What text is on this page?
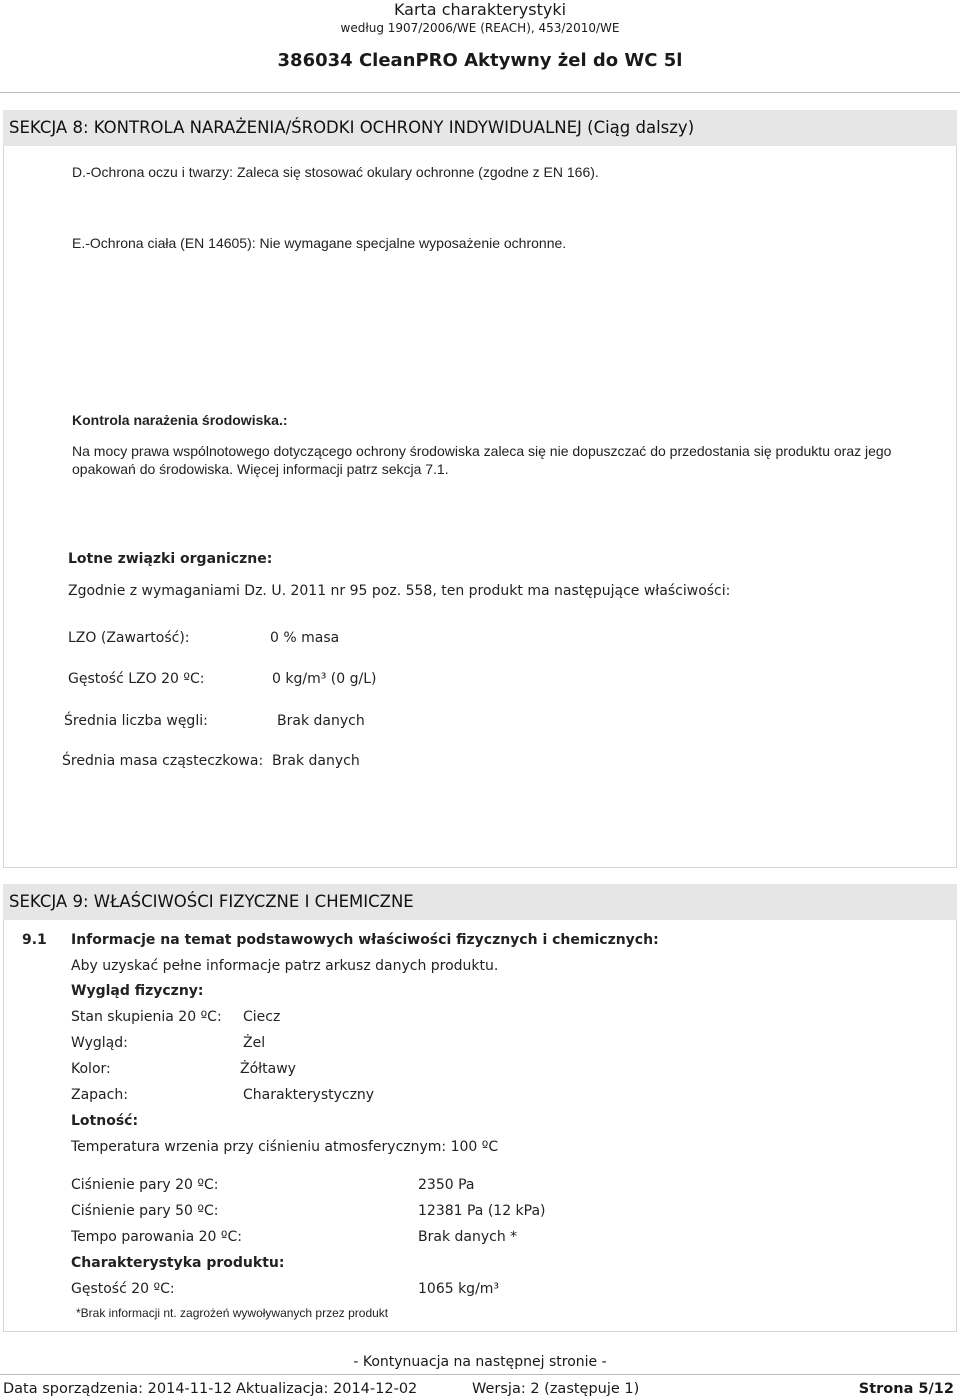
Karta charakterystyki
według 1907/2006/WE (REACH), 453/2010/WE
386034 CleanPRO Aktywny żel do WC 5l
SEKCJA 8: KONTROLA NARAŻENIA/ŚRODKI OCHRONY INDYWIDUALNEJ (Ciąg dalszy)
D.-Ochrona oczu i twarzy: Zaleca się stosować okulary ochronne (zgodne z EN 166).
E.-Ochrona ciała (EN 14605): Nie wymagane specjalne wyposażenie ochronne.
Kontrola narażenia środowiska.:
Na mocy prawa wspólnotowego dotyczącego ochrony środowiska zaleca się nie dopuszczać do przedostania się produktu oraz jego
opakowań do środowiska. Więcej informacji patrz sekcja 7.1.
Lotne związki organiczne:
Zgodnie z wymaganiami Dz. U. 2011 nr 95 poz. 558, ten produkt ma następujące właściwości:
LZO (Zawartość):	0 % masa
Gęstość LZO 20 ºC:	0 kg/m³ (0 g/L)
Średnia liczba węgli:	Brak danych
Średnia masa cząsteczkowa: Brak danych
SEKCJA 9: WŁAŚCIWOŚCI FIZYCZNE I CHEMICZNE
9.1 Informacje na temat podstawowych właściwości fizycznych i chemicznych:
Aby uzyskać pełne informacje patrz arkusz danych produktu.
Wygląd fizyczny:
Stan skupienia 20 ºC: Ciecz
Wygląd:	Żel
Kolor:	Żółtawy
Zapach:	Charakterystyczny
Lotność:
Temperatura wrzenia przy ciśnieniu atmosferycznym: 100 ºC
Ciśnienie pary 20 ºC:	2350 Pa
Ciśnienie pary 50 ºC:	12381 Pa (12 kPa)
Tempo parowania 20 ºC:	Brak danych *
Charakterystyka produktu:
Gęstość 20 ºC:	1065 kg/m³
*Brak informacji nt. zagrożeń wywoływanych przez produkt
- Kontynuacja na następnej stronie -
Data sporządzenia: 2014-11-12 Aktualizacja: 2014-12-02	Wersja: 2 (zastępuje 1)	Strona 5/12
